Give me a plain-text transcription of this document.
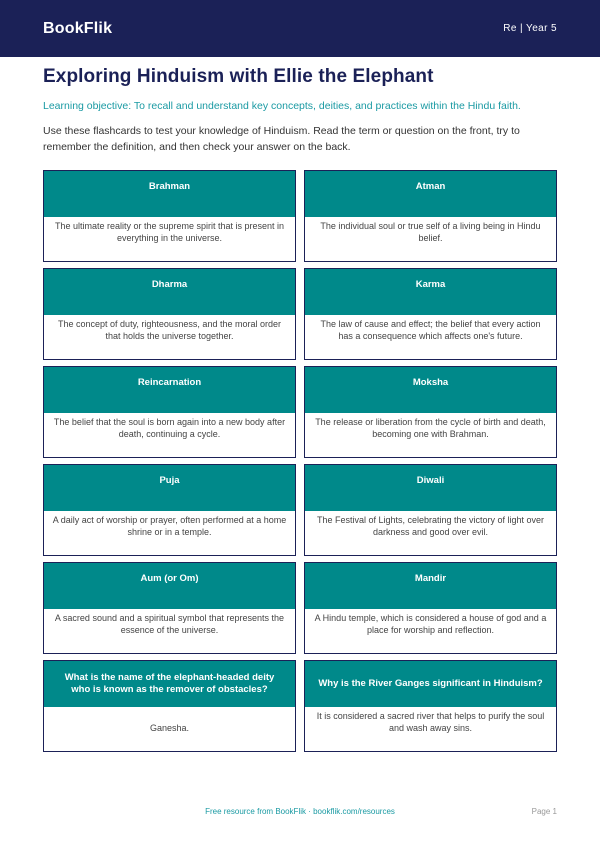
BookFlik	Re | Year 5
Exploring Hinduism with Ellie the Elephant

Learning objective: To recall and understand key concepts, deities, and practices within the Hindu faith.

Use these flashcards to test your knowledge of Hinduism. Read the term or question on the front, try to remember the definition, and then check your answer on the back.

Brahman
The ultimate reality or the supreme spirit that is present in everything in the universe.
Atman
The individual soul or true self of a living being in Hindu belief.
Dharma
The concept of duty, righteousness, and the moral order that holds the universe together.
Karma
The law of cause and effect; the belief that every action has a consequence which affects one's future.
Reincarnation
The belief that the soul is born again into a new body after death, continuing a cycle.
Moksha
The release or liberation from the cycle of birth and death, becoming one with Brahman.
Puja
A daily act of worship or prayer, often performed at a home shrine or in a temple.
Diwali
The Festival of Lights, celebrating the victory of light over darkness and good over evil.
Aum (or Om)
A sacred sound and a spiritual symbol that represents the essence of the universe.
Mandir
A Hindu temple, which is considered a house of god and a place for worship and reflection.
What is the name of the elephant-headed deity who is known as the remover of obstacles?
Ganesha.
Why is the River Ganges significant in Hinduism?
It is considered a sacred river that helps to purify the soul and wash away sins.
Free resource from BookFlik · bookflik.com/resources	Page 1
